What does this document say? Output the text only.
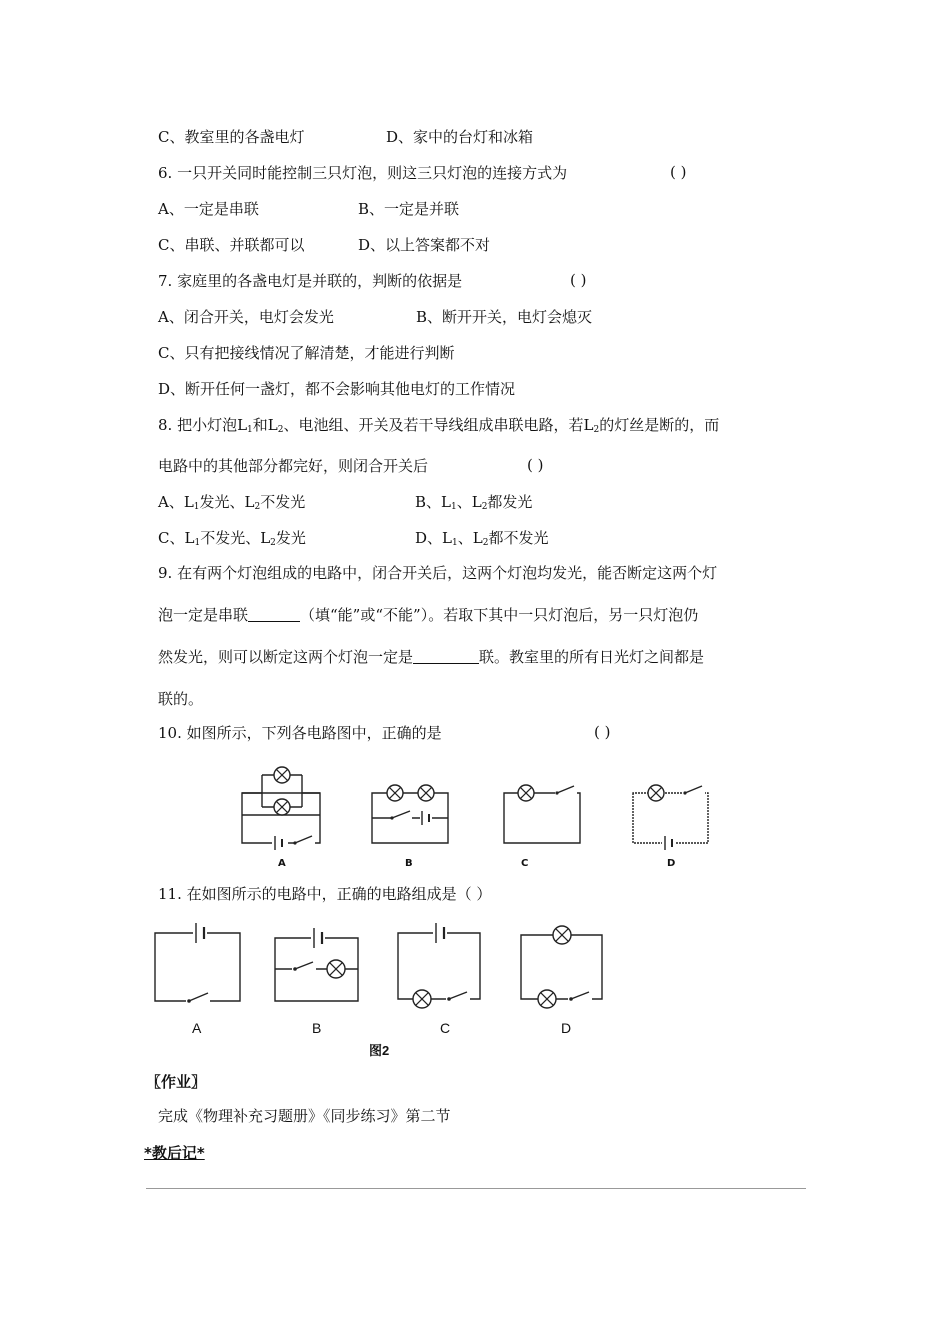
C、教室里的各盏电灯	D、家中的台灯和冰箱
6. 一只开关同时能控制三只灯泡，则这三只灯泡的连接方式为	( )
A、一定是串联	B、一定是并联
C、串联、并联都可以	D、以上答案都不对
7. 家庭里的各盏电灯是并联的，判断的依据是	( )
A、闭合开关，电灯会发光	B、断开开关，电灯会熄灭
C、只有把接线情况了解清楚，才能进行判断
D、断开任何一盏灯，都不会影响其他电灯的工作情况
8. 把小灯泡$L_1$和$L_2$、电池组、开关及若干导线组成串联电路，若$L_2$的灯丝是断的，而
电路中的其他部分都完好，则闭合开关后	( )
A、$L_1$发光、$L_2$不发光	B、$L_1$、$L_2$都发光
C、$L_1$不发光、$L_2$发光	D、$L_1$、$L_2$都不发光
9. 在有两个灯泡组成的电路中，闭合开关后，这两个灯泡均发光，能否断定这两个灯
泡一定是串联	（填“能”或“不能”）。若取下其中一只灯泡后，另一只灯泡仍
然发光，则可以断定这两个灯泡一定是	联。教室里的所有日光灯之间都是
联的。
10. 如图所示，下列各电路图中，正确的是	( )
A	B	C	D
11. 在如图所示的电路中，正确的电路组成是（ ）
A	B	C	D
图2
〖作业〗
完成《物理补充习题册》《同步练习》第二节
*教后记*
